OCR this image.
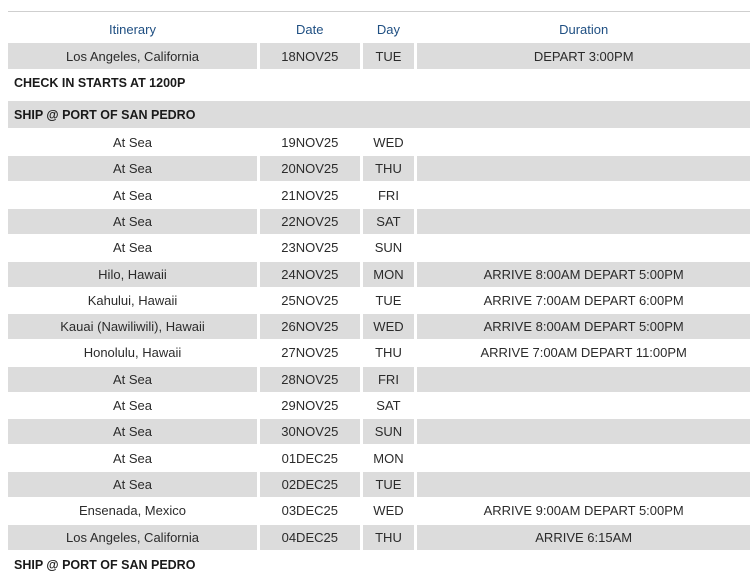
Itinerary	Date	Day	Duration
Los Angeles, California	18NOV25	TUE	DEPART 3:00PM
CHECK IN STARTS AT 1200P
SHIP @ PORT OF SAN PEDRO
At Sea	19NOV25	WED
At Sea	20NOV25	THU
At Sea	21NOV25	FRI
At Sea	22NOV25	SAT
At Sea	23NOV25	SUN
Hilo, Hawaii	24NOV25	MON	ARRIVE 8:00AM DEPART 5:00PM
Kahului, Hawaii	25NOV25	TUE	ARRIVE 7:00AM DEPART 6:00PM
Kauai (Nawiliwili), Hawaii	26NOV25	WED	ARRIVE 8:00AM DEPART 5:00PM
Honolulu, Hawaii	27NOV25	THU	ARRIVE 7:00AM DEPART 11:00PM
At Sea	28NOV25	FRI
At Sea	29NOV25	SAT
At Sea	30NOV25	SUN
At Sea	01DEC25	MON
At Sea	02DEC25	TUE
Ensenada, Mexico	03DEC25	WED	ARRIVE 9:00AM DEPART 5:00PM
Los Angeles, California	04DEC25	THU	ARRIVE 6:15AM
SHIP @ PORT OF SAN PEDRO
